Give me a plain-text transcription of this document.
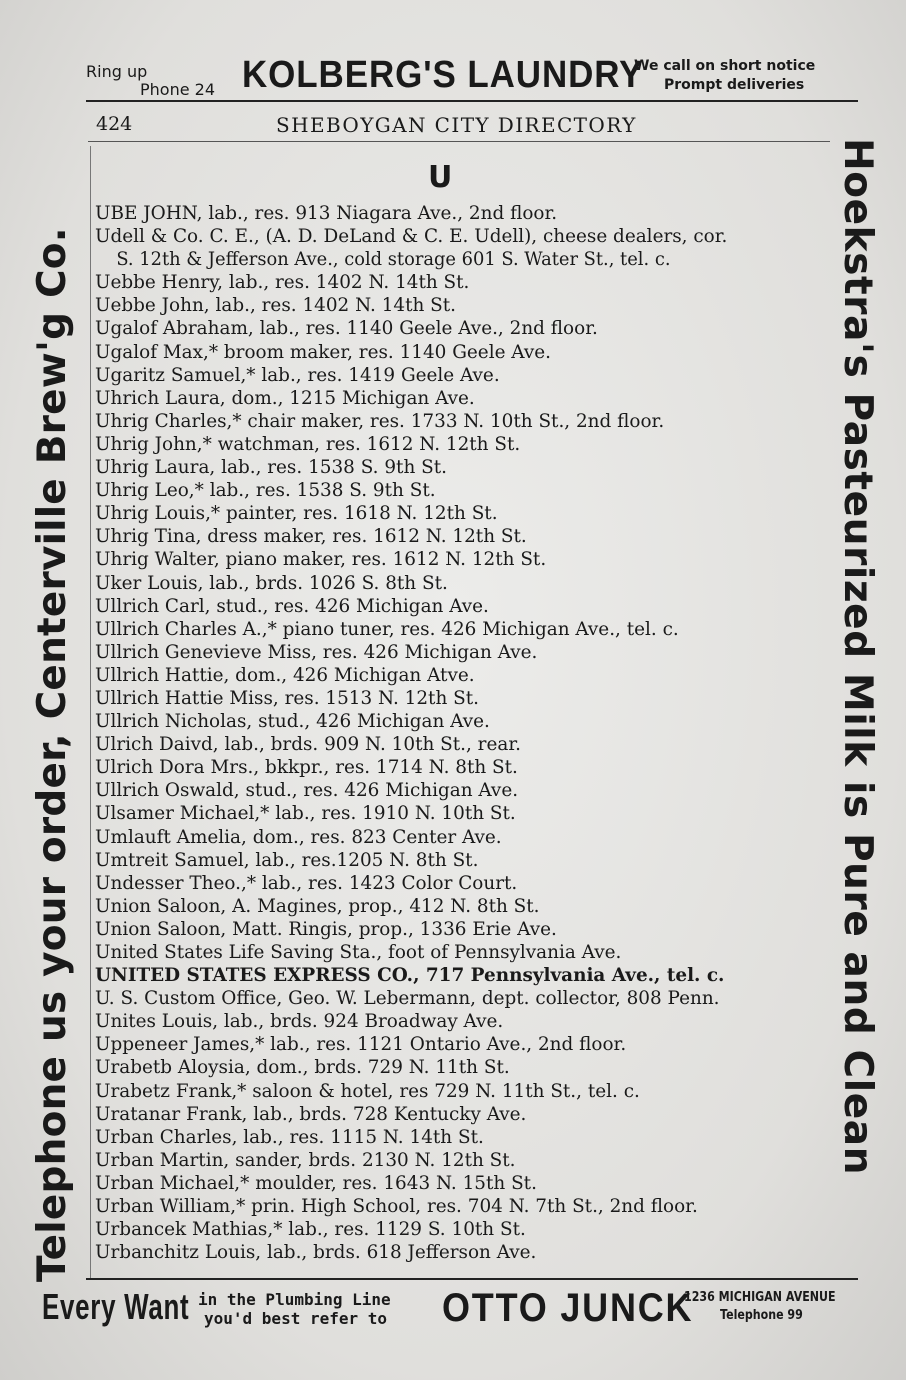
Ring up
Phone 24 KOLBERG'S LAUNDRY
We call on short notice
Prompt deliveries
424	SHEBOYGAN CITY DIRECTORY
U
UBE JOHN, lab., res. 913 Niagara Ave., 2nd floor.
Udell & Co. C. E., (A. D. DeLand & C. E. Udell), cheese dealers, cor.
S. 12th & Jefferson Ave., cold storage 601 S. Water St., tel. c.
Uebbe Henry, lab., res. 1402 N. 14th St.
Uebbe John, lab., res. 1402 N. 14th St.
Ugalof Abraham, lab., res. 1140 Geele Ave., 2nd floor.
Ugalof Max,* broom maker, res. 1140 Geele Ave.
Ugaritz Samuel,* lab., res. 1419 Geele Ave.
Uhrich Laura, dom., 1215 Michigan Ave.
Uhrig Charles,* chair maker, res. 1733 N. 10th St., 2nd floor.
Uhrig John,* watchman, res. 1612 N. 12th St.
Uhrig Laura, lab., res. 1538 S. 9th St.
Uhrig Leo,* lab., res. 1538 S. 9th St.
Uhrig Louis,* painter, res. 1618 N. 12th St.
Uhrig Tina, dress maker, res. 1612 N. 12th St.
Uhrig Walter, piano maker, res. 1612 N. 12th St.
Uker Louis, lab., brds. 1026 S. 8th St.
Ullrich Carl, stud., res. 426 Michigan Ave.
Ullrich Charles A.,* piano tuner, res. 426 Michigan Ave., tel. c.
Ullrich Genevieve Miss, res. 426 Michigan Ave.
Ullrich Hattie, dom., 426 Michigan Atve.
Ullrich Hattie Miss, res. 1513 N. 12th St.
Ullrich Nicholas, stud., 426 Michigan Ave.
Ulrich Daivd, lab., brds. 909 N. 10th St., rear.
Ulrich Dora Mrs., bkkpr., res. 1714 N. 8th St.
Ullrich Oswald, stud., res. 426 Michigan Ave.
Ulsamer Michael,* lab., res. 1910 N. 10th St.
Umlauft Amelia, dom., res. 823 Center Ave.
Umtreit Samuel, lab., res.1205 N. 8th St.
Undesser Theo.,* lab., res. 1423 Color Court.
Union Saloon, A. Magines, prop., 412 N. 8th St.
Union Saloon, Matt. Ringis, prop., 1336 Erie Ave.
United States Life Saving Sta., foot of Pennsylvania Ave.
UNITED STATES EXPRESS CO., 717 Pennsylvania Ave., tel. c.
U. S. Custom Office, Geo. W. Lebermann, dept. collector, 808 Penn.
Unites Louis, lab., brds. 924 Broadway Ave.
Uppeneer James,* lab., res. 1121 Ontario Ave., 2nd floor.
Urabetb Aloysia, dom., brds. 729 N. 11th St.
Urabetz Frank,* saloon & hotel, res 729 N. 11th St., tel. c.
Uratanar Frank, lab., brds. 728 Kentucky Ave.
Urban Charles, lab., res. 1115 N. 14th St.
Urban Martin, sander, brds. 2130 N. 12th St.
Urban Michael,* moulder, res. 1643 N. 15th St.
Urban William,* prin. High School, res. 704 N. 7th St., 2nd floor.
Urbancek Mathias,* lab., res. 1129 S. 10th St.
Urbanchitz Louis, lab., brds. 618 Jefferson Ave.
Telephone us your order, Centerville Brew'g Co.	Hoekstra's Pasteurized Milk is Pure and Clean
Every Want in the Plumbing Line
you'd best refer to OTTO JUNCK
1236 MICHIGAN AVENUE
Telephone 99
